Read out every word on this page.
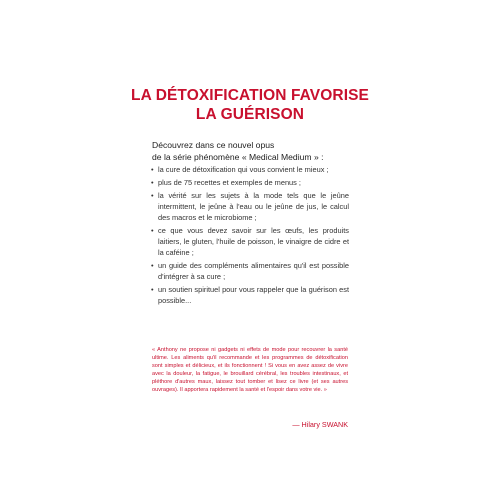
LA DÉTOXIFICATION FAVORISE
LA GUÉRISON
Découvrez dans ce nouvel opus
de la série phénomène « Medical Medium » :
• la cure de détoxification qui vous convient le mieux ;
• plus de 75 recettes et exemples de menus ;
• la vérité sur les sujets à la mode tels que le jeûne intermittent, le jeûne à l'eau ou le jeûne de jus, le calcul des macros et le microbiome ;
• ce que vous devez savoir sur les œufs, les produits laitiers, le gluten, l'huile de poisson, le vinaigre de cidre et la caféine ;
• un guide des compléments alimentaires qu'il est possible d'intégrer à sa cure ;
• un soutien spirituel pour vous rappeler que la guérison est possible...
« Anthony ne propose ni gadgets ni effets de mode pour recouvrer la santé ultime. Les aliments qu'il recommande et les programmes de détoxification sont simples et délicieux, et ils fonctionnent ! Si vous en avez assez de vivre avec la douleur, la fatigue, le brouillard cérébral, les troubles intestinaux, et pléthore d'autres maux, laissez tout tomber et lisez ce livre (et ses autres ouvrages). Il apportera rapidement la santé et l'espoir dans votre vie. »
— Hilary SWANK
